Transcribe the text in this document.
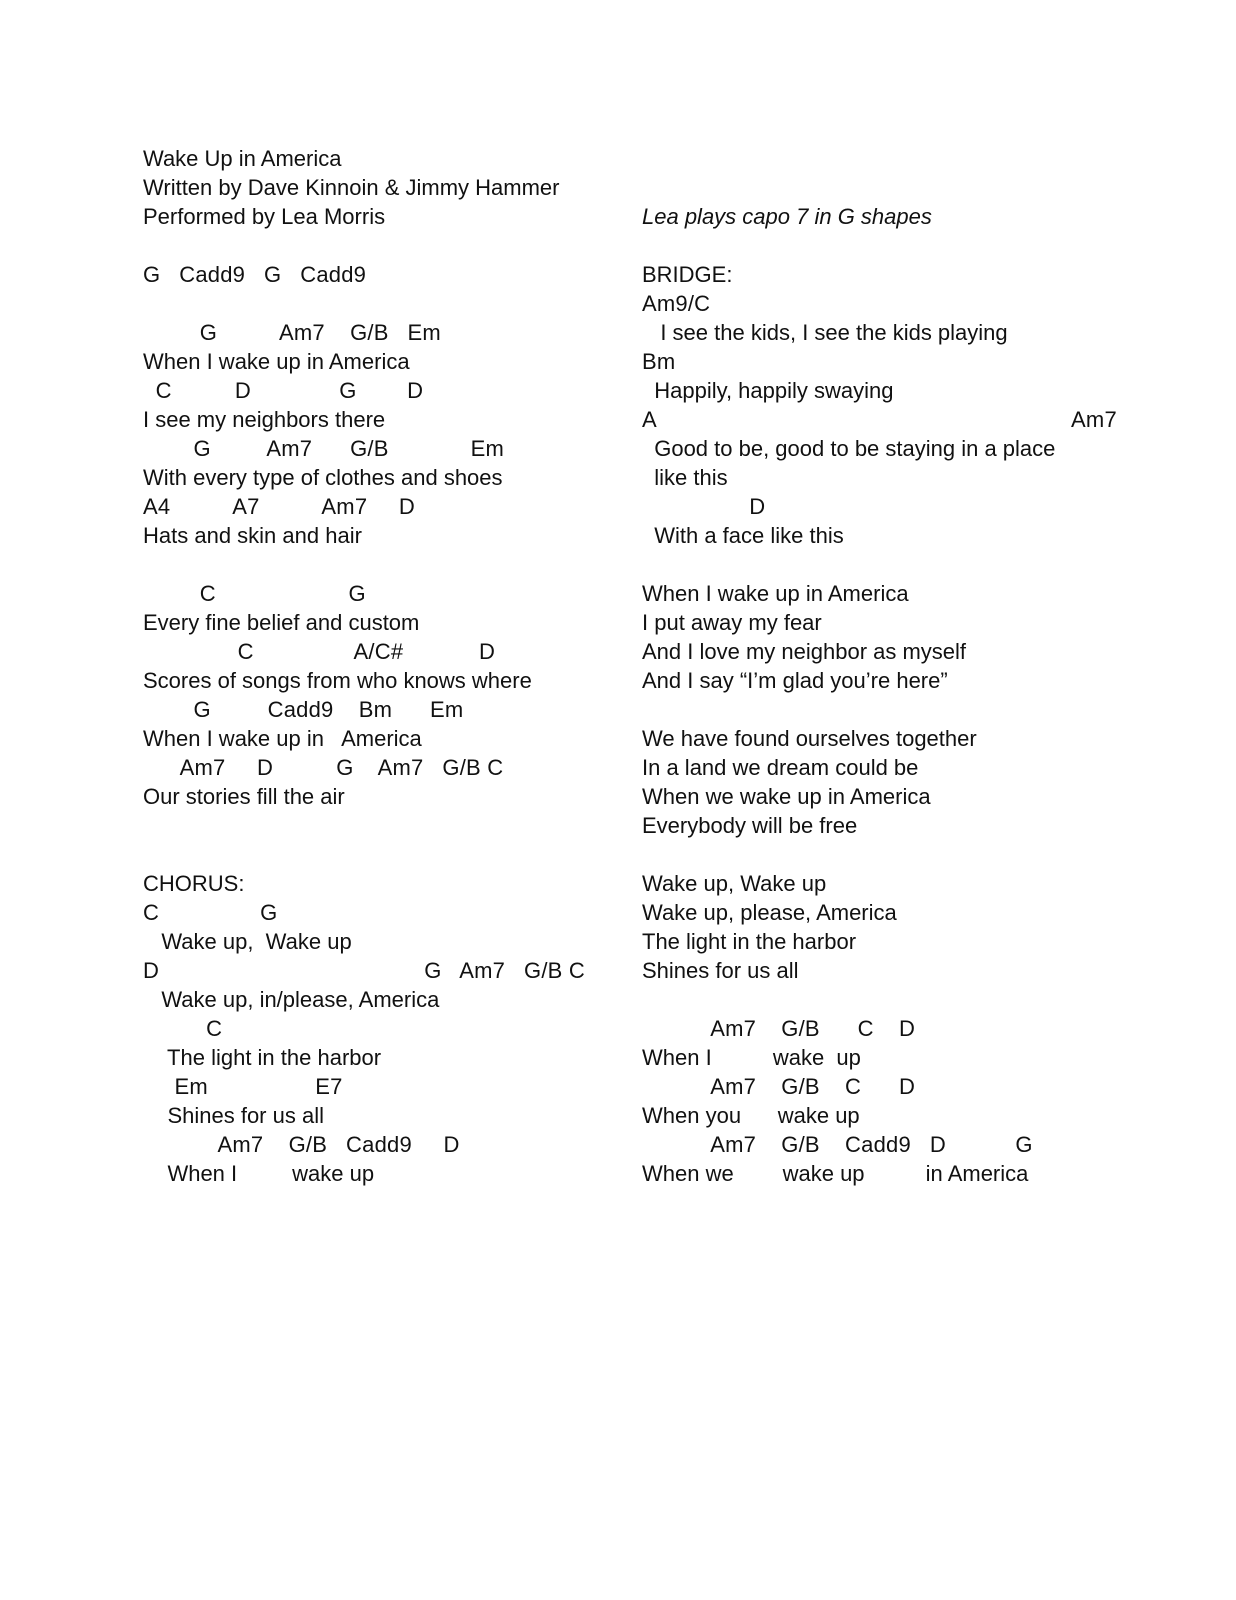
Wake Up in America
Written by Dave Kinnoin & Jimmy Hammer
Performed by Lea Morris	Lea plays capo 7 in G shapes
G   Cadd9   G   Cadd9
G          Am7    G/B   Em
When I wake up in America
C          D              G        D
I see my neighbors there
G         Am7      G/B             Em
With every type of clothes and shoes
A4          A7          Am7     D
Hats and skin and hair
C                     G
Every fine belief and custom
C                A/C#            D
Scores of songs from who knows where
G         Cadd9    Bm      Em
When I wake up in   America
Am7     D          G    Am7   G/B C
Our stories fill the air
CHORUS:
C                G
Wake up,  Wake up
D                                          G   Am7   G/B C
Wake up, in/please, America
C
The light in the harbor
Em                 E7
Shines for us all
Am7    G/B   Cadd9     D
When I         wake up
BRIDGE:
Am9/C
I see the kids, I see the kids playing
Bm
Happily, happily swaying
A                                                                  Am7
Good to be, good to be staying in a place
like this
D
With a face like this
When I wake up in America
I put away my fear
And I love my neighbor as myself
And I say “I’m glad you’re here”
We have found ourselves together
In a land we dream could be
When we wake up in America
Everybody will be free
Wake up, Wake up
Wake up, please, America
The light in the harbor
Shines for us all
Am7    G/B      C    D
When I          wake  up
Am7    G/B    C      D
When you      wake up
Am7    G/B    Cadd9   D           G
When we        wake up          in America
